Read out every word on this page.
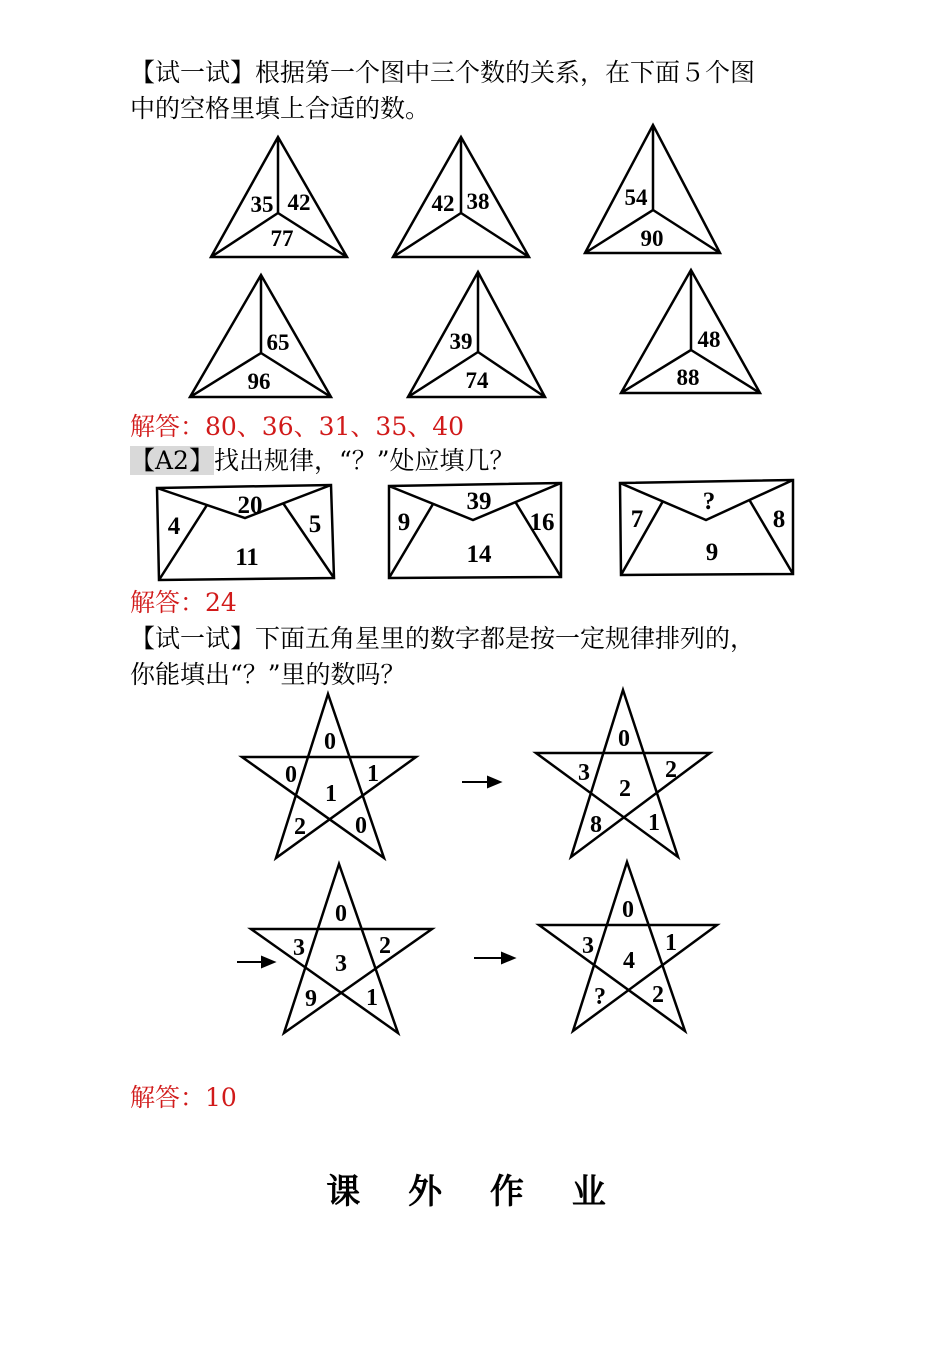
【试一试】根据第一个图中三个数的关系，在下面５个图
中的空格里填上合适的数。
35 42
77
42 38	54
90
65
96
39
74
48
88
解答：80、36、31、35、40
【A2】找出规律，“？”处应填几？
4
20
5
11
9
39
16
14
7
?
8
9
解答：24
【试一试】下面五角星里的数字都是按一定规律排列的，
你能填出“？”里的数吗？
0
0	1
1
2 0
0
3	2
2
8 1
0
3	2
3
9 1
0
3	1
4
? 2
解答：10
课 外 作 业
